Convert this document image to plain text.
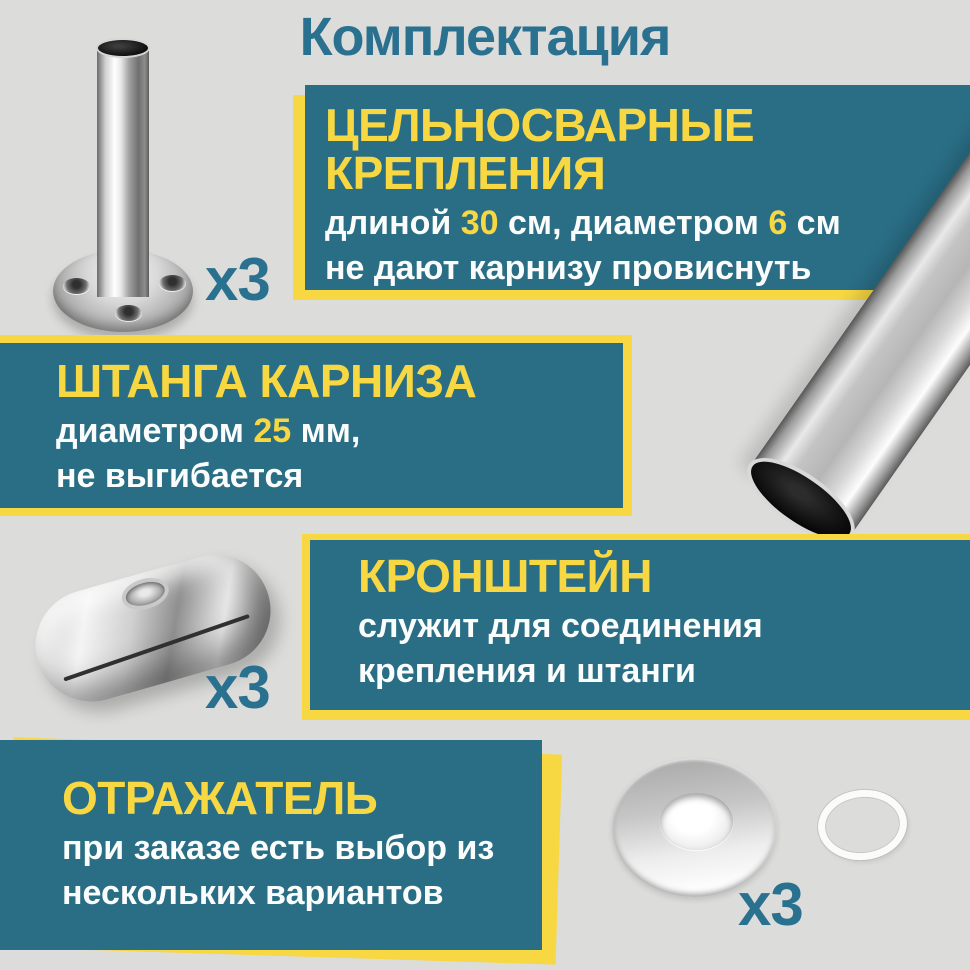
Комплектация
x3
ЦЕЛЬНОСВАРНЫЕ
КРЕПЛЕНИЯ

длиной 30 см, диаметром 6 см
не дают карнизу провиснуть

ШТАНГА КАРНИЗА

диаметром 25 мм,
не выгибается

КРОНШТЕЙН

служит для соединения
крепления и штанги

x3
ОТРАЖАТЕЛЬ

при заказе есть выбор из
нескольких вариантов	x3
